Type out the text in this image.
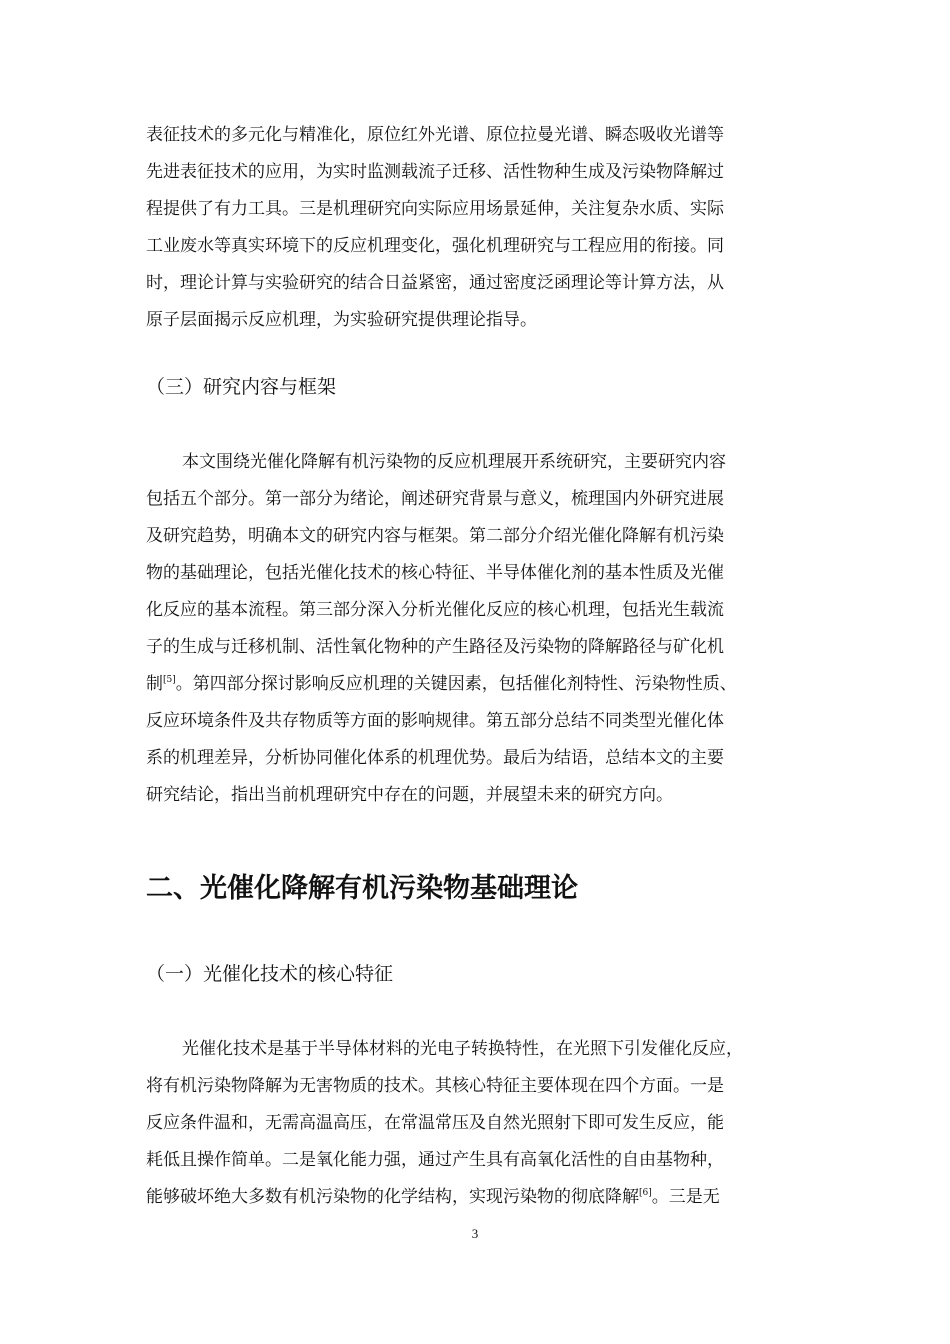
表征技术的多元化与精准化，原位红外光谱、原位拉曼光谱、瞬态吸收光谱等
先进表征技术的应用，为实时监测载流子迁移、活性物种生成及污染物降解过
程提供了有力工具。三是机理研究向实际应用场景延伸，关注复杂水质、实际
工业废水等真实环境下的反应机理变化，强化机理研究与工程应用的衔接。同
时，理论计算与实验研究的结合日益紧密，通过密度泛函理论等计算方法，从
原子层面揭示反应机理，为实验研究提供理论指导。

（三）研究内容与框架

本文围绕光催化降解有机污染物的反应机理展开系统研究，主要研究内容
包括五个部分。第一部分为绪论，阐述研究背景与意义，梳理国内外研究进展
及研究趋势，明确本文的研究内容与框架。第二部分介绍光催化降解有机污染
物的基础理论，包括光催化技术的核心特征、半导体催化剂的基本性质及光催
化反应的基本流程。第三部分深入分析光催化反应的核心机理，包括光生载流
子的生成与迁移机制、活性氧化物种的产生路径及污染物的降解路径与矿化机
制[5]。第四部分探讨影响反应机理的关键因素，包括催化剂特性、污染物性质、
反应环境条件及共存物质等方面的影响规律。第五部分总结不同类型光催化体
系的机理差异，分析协同催化体系的机理优势。最后为结语，总结本文的主要
研究结论，指出当前机理研究中存在的问题，并展望未来的研究方向。

二、光催化降解有机污染物基础理论
（一）光催化技术的核心特征

光催化技术是基于半导体材料的光电子转换特性，在光照下引发催化反应，
将有机污染物降解为无害物质的技术。其核心特征主要体现在四个方面。一是
反应条件温和，无需高温高压，在常温常压及自然光照射下即可发生反应，能
耗低且操作简单。二是氧化能力强，通过产生具有高氧化活性的自由基物种，
能够破坏绝大多数有机污染物的化学结构，实现污染物的彻底降解[6]。三是无

3
